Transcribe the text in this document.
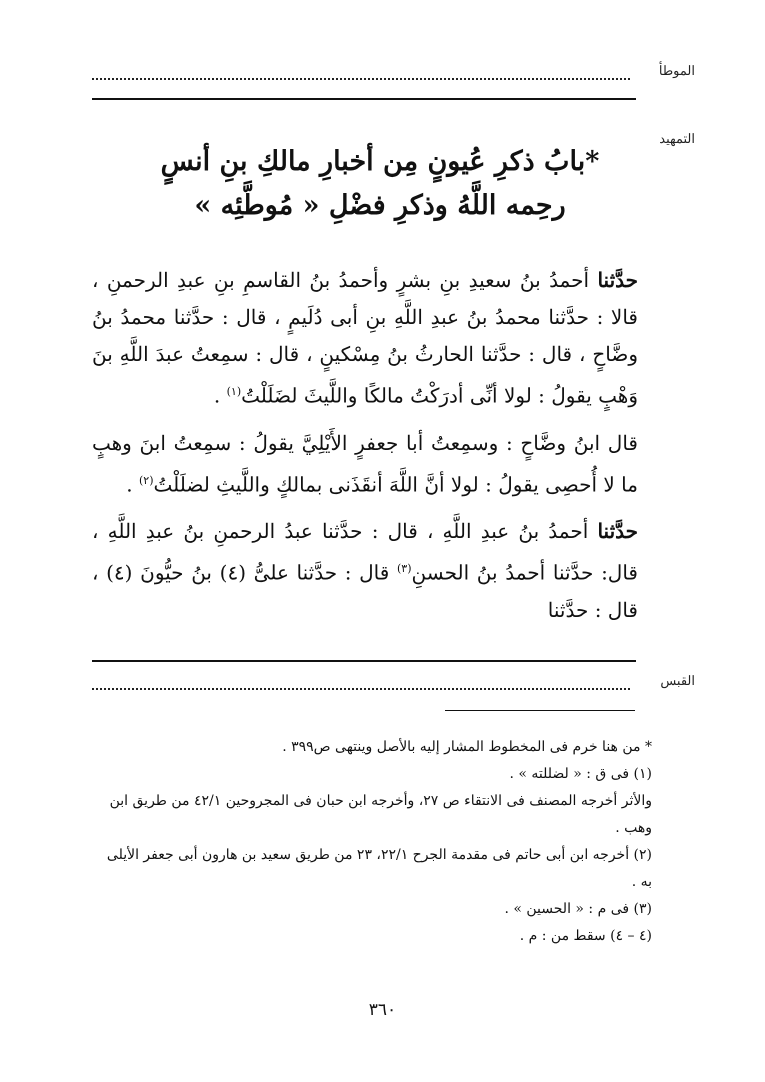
الموطأ
التمهيد
*بابُ ذكرِ عُيونٍ مِن أخبارِ مالكِ بنِ أنسٍ
رحِمه اللَّهُ وذكرِ فضْلِ « مُوطَّئِه »

حدَّثنا أحمدُ بنُ سعيدِ بنِ بشرٍ وأحمدُ بنُ القاسمِ بنِ عبدِ الرحمنِ ، قالا : حدَّثنا محمدُ بنُ عبدِ اللَّهِ بنِ أبى دُلَيمٍ ، قال : حدَّثنا محمدُ بنُ وضَّاحٍ ، قال : حدَّثنا الحارثُ بنُ مِسْكينٍ ، قال : سمِعتُ عبدَ اللَّهِ بنَ وَهْبٍ يقولُ : لولا أنِّى أدرَكْتُ مالكًا واللَّيثَ لضَلَلْتُ$^{(١)}$ .

قال ابنُ وضَّاحٍ : وسمِعتُ أبا جعفرٍ الأَيْلِيَّ يقولُ : سمِعتُ ابنَ وهبٍ ما لا أُحصِى يقولُ : لولا أنَّ اللَّهَ أنقَذَنى بمالكٍ واللَّيثِ لضلَلْتُ$^{(٢)}$ .

حدَّثنا أحمدُ بنُ عبدِ اللَّهِ ، قال : حدَّثنا عبدُ الرحمنِ بنُ عبدِ اللَّهِ ، قال: حدَّثنا أحمدُ بنُ الحسنِ$^{(٣)}$ قال : حدَّثنا علىُّ (٤) بنُ حيُّونَ (٤) ، قال : حدَّثنا

القبس

* من هنا خرم فى المخطوط المشار إليه بالأصل وينتهى ص٣٩٩ .

(١) فى ق : « لضللته » .

والأثر أخرجه المصنف فى الانتقاء ص ٢٧، وأخرجه ابن حبان فى المجروحين ٤٢/١ من طريق ابن وهب .

(٢) أخرجه ابن أبى حاتم فى مقدمة الجرح ٢٢/١، ٢٣ من طريق سعيد بن هارون أبى جعفر الأيلى به .

(٣) فى م : « الحسين » .

(٤ – ٤) سقط من : م .

٣٦٠
